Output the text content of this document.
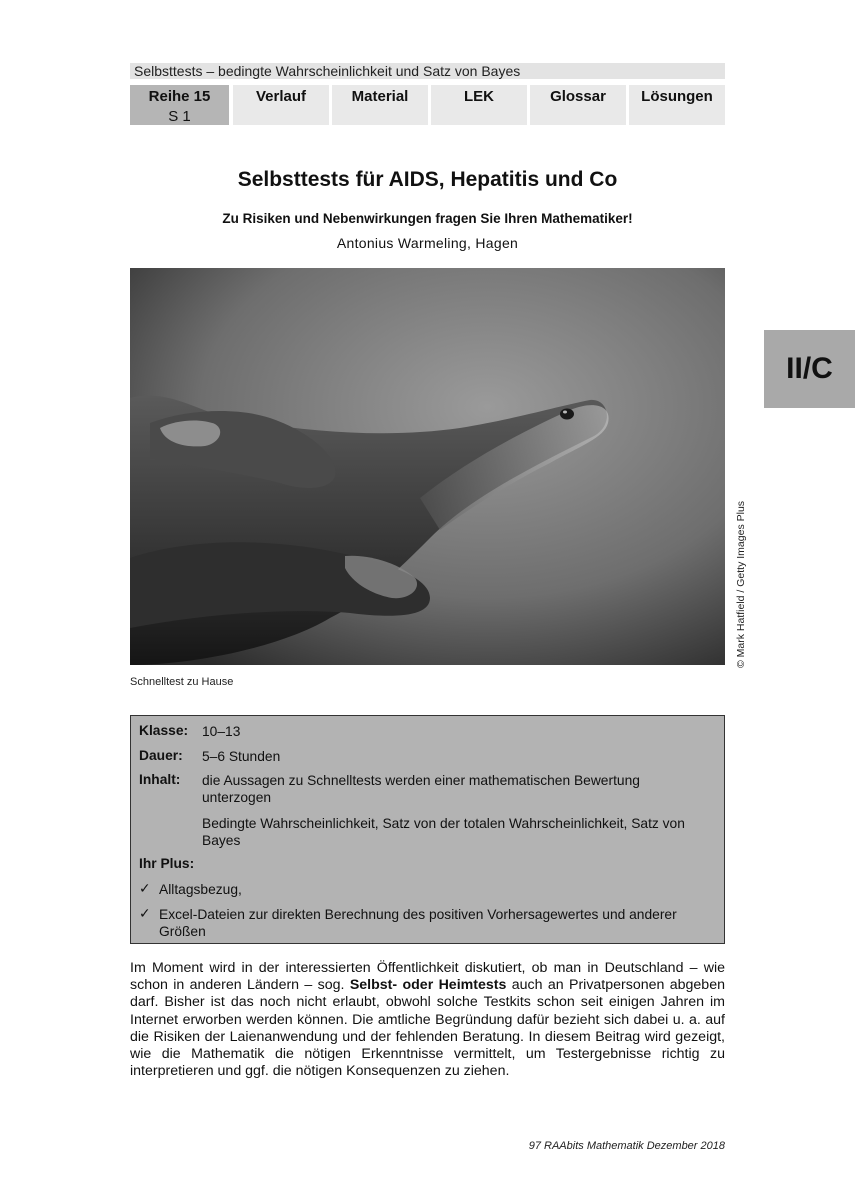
Selbsttests – bedingte Wahrscheinlichkeit und Satz von Bayes
Reihe 15
S 1
Verlauf	Material	LEK	Glossar	Lösungen
II/C
Selbsttests für AIDS, Hepatitis und Co
Zu Risiken und Nebenwirkungen fragen Sie Ihren Mathematiker!
Antonius Warmeling, Hagen
© Mark Hatfield / Getty Images Plus
Schnelltest zu Hause
Klasse: 10–13
Dauer: 5–6 Stunden
Inhalt: die Aussagen zu Schnelltests werden einer mathematischen Bewertung unterzogen
Bedingte Wahrscheinlichkeit, Satz von der totalen Wahrscheinlichkeit, Satz von Bayes
Ihr Plus:
✓ Alltagsbezug,
✓ Excel-Dateien zur direkten Berechnung des positiven Vorhersagewertes und anderer Größen

Im Moment wird in der interessierten Öffentlichkeit diskutiert, ob man in Deutschland – wie schon in anderen Ländern – sog. Selbst- oder Heimtests auch an Privatpersonen abgeben darf. Bisher ist das noch nicht erlaubt, obwohl solche Testkits schon seit einigen Jahren im Internet erworben werden können. Die amtliche Begründung dafür bezieht sich dabei u. a. auf die Risiken der Laienanwendung und der fehlenden Beratung. In diesem Beitrag wird gezeigt, wie die Mathematik die nötigen Erkenntnisse vermittelt, um Testergebnisse richtig zu interpretieren und ggf. die nötigen Konsequenzen zu ziehen.

97 RAAbits Mathematik Dezember 2018
